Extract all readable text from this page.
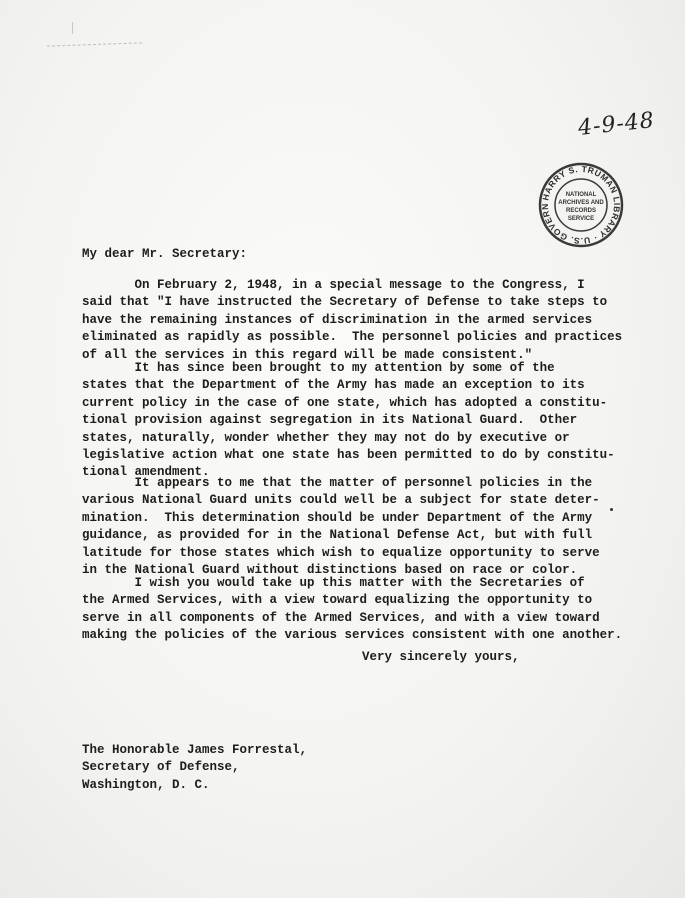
4-9-48
HARRY S. TRUMAN LIBRARY · U.S. GOVERN
NATIONAL
ARCHIVES AND
RECORDS
SERVICE
My dear Mr. Secretary:
On February 2, 1948, in a special message to the Congress, I
said that "I have instructed the Secretary of Defense to take steps to
have the remaining instances of discrimination in the armed services
eliminated as rapidly as possible.  The personnel policies and practices
of all the services in this regard will be made consistent."
It has since been brought to my attention by some of the
states that the Department of the Army has made an exception to its
current policy in the case of one state, which has adopted a constitu-
tional provision against segregation in its National Guard.  Other
states, naturally, wonder whether they may not do by executive or
legislative action what one state has been permitted to do by constitu-
tional amendment.
It appears to me that the matter of personnel policies in the
various National Guard units could well be a subject for state deter-
mination.  This determination should be under Department of the Army
guidance, as provided for in the National Defense Act, but with full
latitude for those states which wish to equalize opportunity to serve
in the National Guard without distinctions based on race or color.
I wish you would take up this matter with the Secretaries of
the Armed Services, with a view toward equalizing the opportunity to
serve in all components of the Armed Services, and with a view toward
making the policies of the various services consistent with one another.
Very sincerely yours,
The Honorable James Forrestal,
Secretary of Defense,
Washington, D. C.
